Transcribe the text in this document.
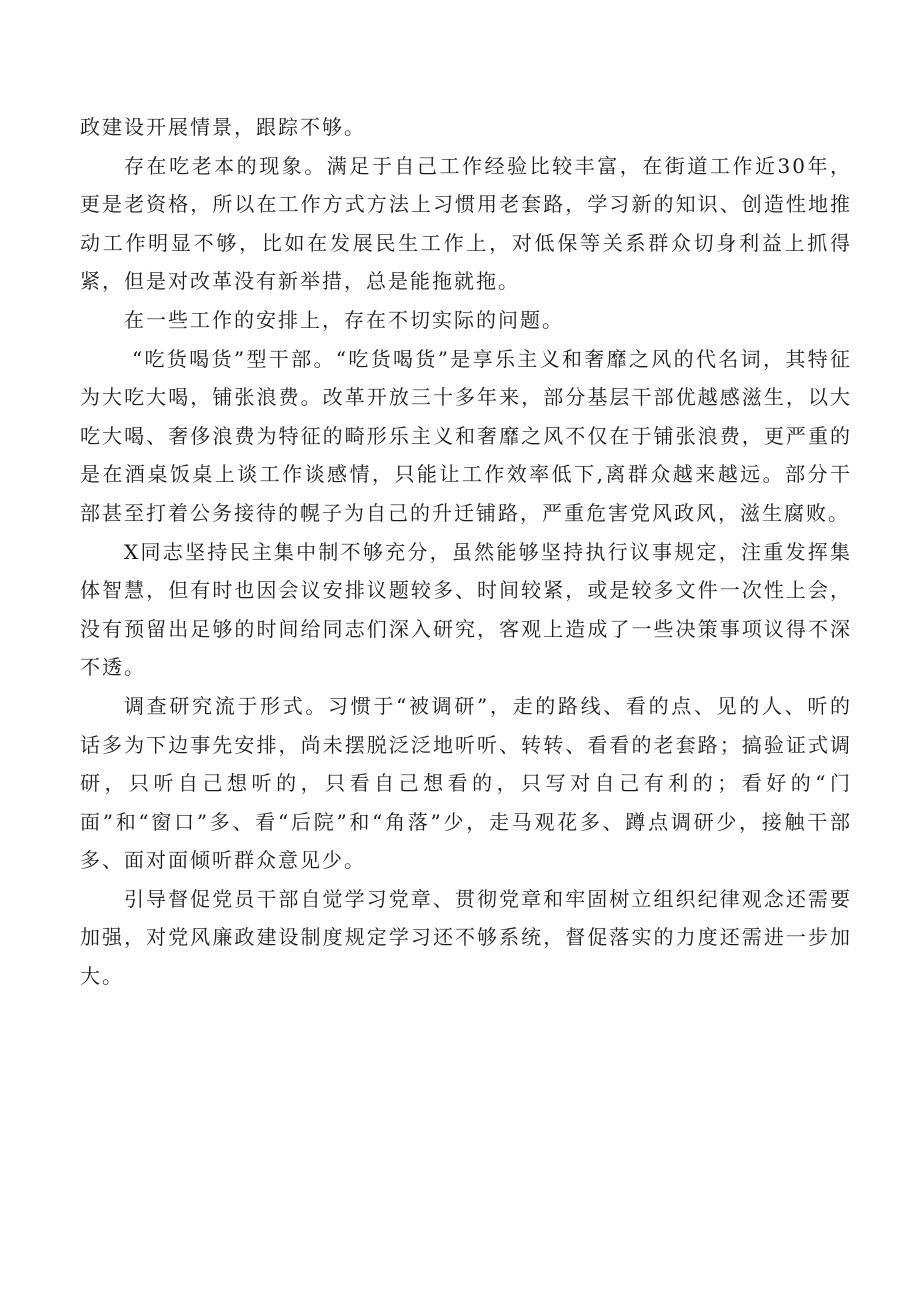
政建设开展情景，跟踪不够。

存在吃老本的现象。满足于自己工作经验比较丰富，在街道工作近30年，更是老资格，所以在工作方式方法上习惯用老套路，学习新的知识、创造性地推动工作明显不够，比如在发展民生工作上，对低保等关系群众切身利益上抓得紧，但是对改革没有新举措，总是能拖就拖。

在一些工作的安排上，存在不切实际的问题。

“吃货喝货”型干部。“吃货喝货”是享乐主义和奢靡之风的代名词，其特征为大吃大喝，铺张浪费。改革开放三十多年来，部分基层干部优越感滋生，以大吃大喝、奢侈浪费为特征的畸形乐主义和奢靡之风不仅在于铺张浪费，更严重的是在酒桌饭桌上谈工作谈感情，只能让工作效率低下,离群众越来越远。部分干部甚至打着公务接待的幌子为自己的升迁铺路，严重危害党风政风，滋生腐败。

X同志坚持民主集中制不够充分，虽然能够坚持执行议事规定，注重发挥集体智慧，但有时也因会议安排议题较多、时间较紧，或是较多文件一次性上会，没有预留出足够的时间给同志们深入研究，客观上造成了一些决策事项议得不深不透。

调查研究流于形式。习惯于“被调研”，走的路线、看的点、见的人、听的话多为下边事先安排，尚未摆脱泛泛地听听、转转、看看的老套路；搞验证式调研，只听自己想听的，只看自己想看的，只写对自己有利的；看好的“门面”和“窗口”多、看“后院”和“角落”少，走马观花多、蹲点调研少，接触干部多、面对面倾听群众意见少。

引导督促党员干部自觉学习党章、贯彻党章和牢固树立组织纪律观念还需要加强，对党风廉政建设制度规定学习还不够系统，督促落实的力度还需进一步加大。
